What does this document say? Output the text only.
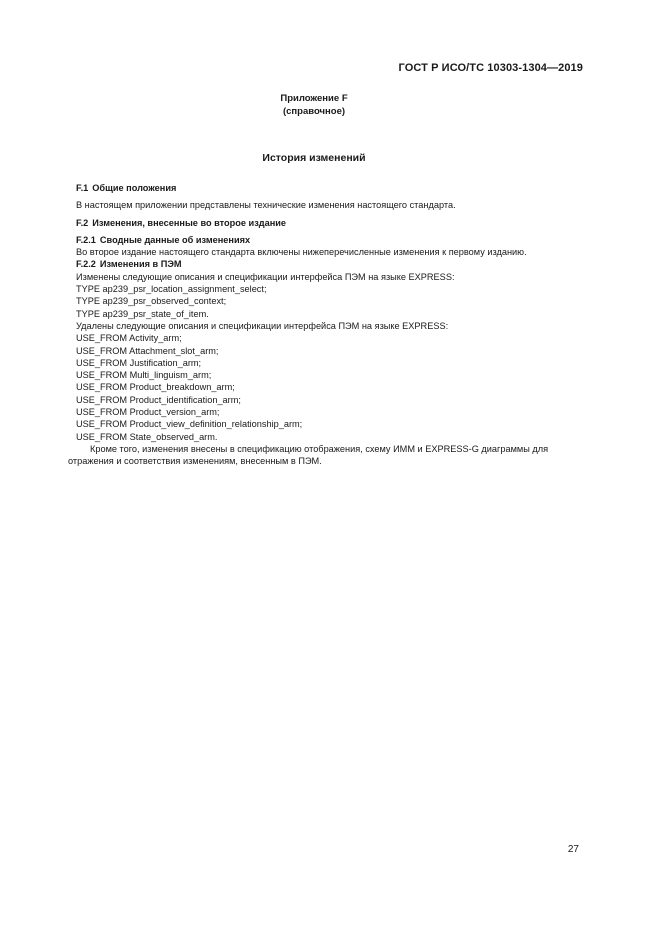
ГОСТ Р ИСО/ТС 10303-1304—2019
Приложение F
(справочное)
История изменений
F.1 Общие положения
В настоящем приложении представлены технические изменения настоящего стандарта.
F.2 Изменения, внесенные во второе издание
F.2.1 Сводные данные об изменениях
Во второе издание настоящего стандарта включены нижеперечисленные изменения к первому изданию.
F.2.2 Изменения в ПЭМ
Изменены следующие описания и спецификации интерфейса ПЭМ на языке EXPRESS:
TYPE ap239_psr_location_assignment_select;
TYPE ap239_psr_observed_context;
TYPE ap239_psr_state_of_item.
Удалены следующие описания и спецификации интерфейса ПЭМ на языке EXPRESS:
USE_FROM Activity_arm;
USE_FROM Attachment_slot_arm;
USE_FROM Justification_arm;
USE_FROM Multi_linguism_arm;
USE_FROM Product_breakdown_arm;
USE_FROM Product_identification_arm;
USE_FROM Product_version_arm;
USE_FROM Product_view_definition_relationship_arm;
USE_FROM State_observed_arm.
Кроме того, изменения внесены в спецификацию отображения, схему ИММ и EXPRESS-G диаграммы для
отражения и соответствия изменениям, внесенным в ПЭМ.
27
